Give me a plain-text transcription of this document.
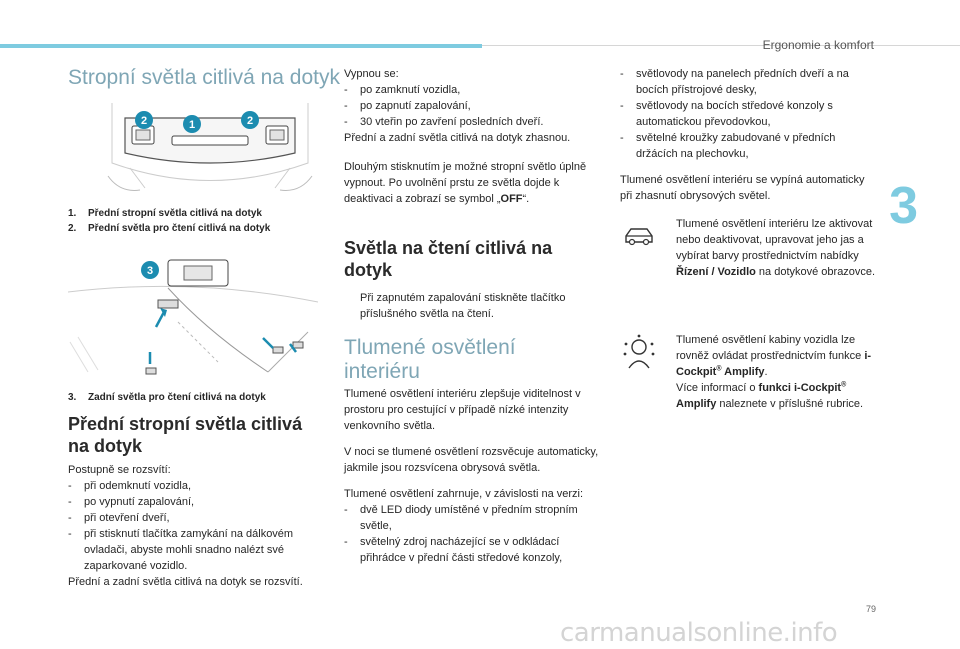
Ergonomie a komfort
3
Stropní světla citlivá na dotyk
2	1	2
1.	Přední stropní světla citlivá na dotyk
2.	Přední světla pro čtení citlivá na dotyk
3
3.	Zadní světla pro čtení citlivá na dotyk
Přední stropní světla citlivá
na dotyk

Postupně se rozsvítí:

-	při odemknutí vozidla,
-	po vypnutí zapalování,
-	při otevření dveří,
-	při stisknutí tlačítka zamykání na dálkovém ovladači, abyste mohli snadno nalézt své zaparkované vozidlo.

Přední a zadní světla citlivá na dotyk se rozsvítí.

Vypnou se:

-	po zamknutí vozidla,
-	po zapnutí zapalování,
-	30 vteřin po zavření posledních dveří.

Přední a zadní světla citlivá na dotyk zhasnou.

Dlouhým stisknutím je možné stropní světlo úplně vypnout. Po uvolnění prstu ze světla dojde k deaktivaci a zobrazí se symbol „OFF“.

Světla na čtení citlivá na
dotyk
Při zapnutém zapalování stiskněte tlačítko příslušného světla na čtení.
Tlumené osvětlení
interiéru

Tlumené osvětlení interiéru zlepšuje viditelnost v prostoru pro cestující v případě nízké intenzity venkovního světla.

V noci se tlumené osvětlení rozsvěcuje automaticky, jakmile jsou rozsvícena obrysová světla.

Tlumené osvětlení zahrnuje, v závislosti na verzi:

-	dvě LED diody umístěné v předním stropním světle,
-	světelný zdroj nacházející se v odkládací přihrádce v přední části středové konzoly,
-	světlovody na panelech předních dveří a na bocích přístrojové desky,
-	světlovody na bocích středové konzoly s automatickou převodovkou,
-	světelné kroužky zabudované v předních držácích na plechovku,

Tlumené osvětlení interiéru se vypíná automaticky při zhasnutí obrysových světel.

Tlumené osvětlení interiéru lze aktivovat nebo deaktivovat, upravovat jeho jas a vybírat barvy prostřednictvím nabídky Řízení / Vozidlo na dotykové obrazovce.

Tlumené osvětlení kabiny vozidla lze rovněž ovládat prostřednictvím funkce i-Cockpit® Amplify.
Více informací o funkci i-Cockpit® Amplify naleznete v příslušné rubrice.

79
carmanualsonline.info
